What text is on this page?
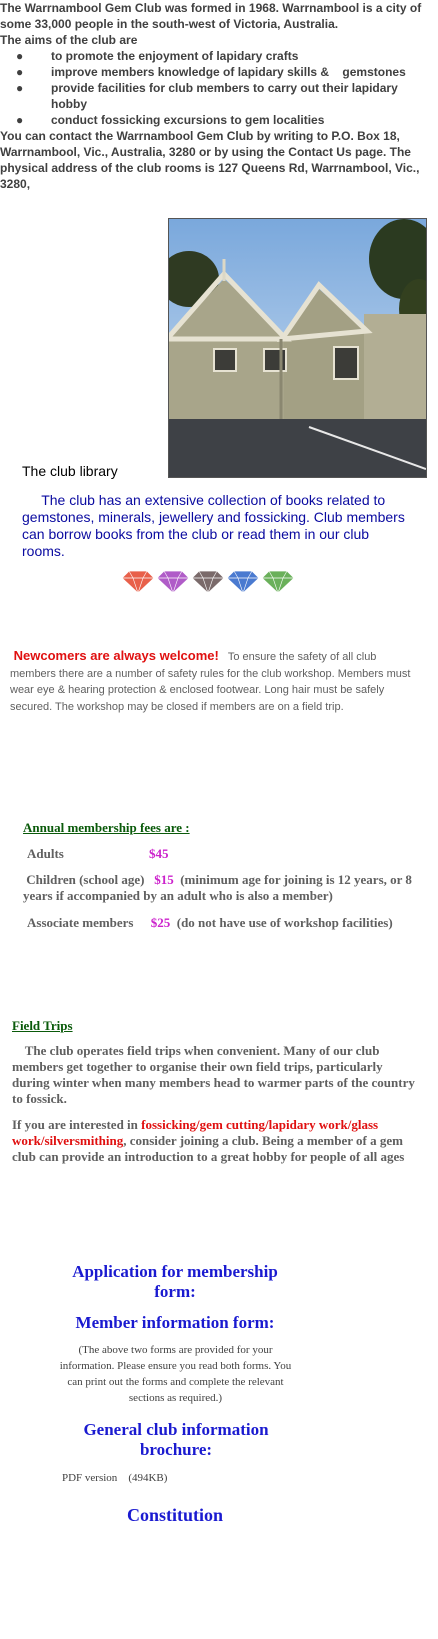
The Warrnambool Gem Club was formed in 1968. Warrnambool is a city of some 33,000 people in the south-west of Victoria, Australia.

The aims of the club are

● to promote the enjoyment of lapidary crafts
● improve members knowledge of lapidary skills &    gemstones
● provide facilities for club members to carry out their lapidary hobby
● conduct fossicking excursions to gem localities

You can contact the Warrnambool Gem Club by writing to P.O. Box 18, Warrnambool, Vic., Australia, 3280 or by using the Contact Us page. The physical address of the club rooms is 127 Queens Rd, Warrnambool, Vic., 3280,

The club library
The club has an extensive collection of books related to gemstones, minerals, jewellery and fossicking. Club members can borrow books from the club or read them in our club rooms.
Newcomers are always welcome! To ensure the safety of all club members there are a number of safety rules for the club workshop. Members must wear eye & hearing protection & enclosed footwear. Long hair must be safely secured. The workshop may be closed if members are on a field trip.
Annual membership fees are :
Adults	$45
Children (school age) $15 (minimum age for joining is 12 years, or 8 years if accompanied by an adult who is also a member)
Associate members $25 (do not have use of workshop facilities)
Field Trips

The club operates field trips when convenient. Many of our club members get together to organise their own field trips, particularly during winter when many members head to warmer parts of the country to fossick.

If you are interested in fossicking/gem cutting/lapidary work/glass work/silversmithing, consider joining a club. Being a member of a gem club can provide an introduction to a great hobby for people of all ages

Application for membership form:
Member information form:
(The above two forms are provided for your information. Please ensure you read both forms. You can print out the forms and complete the relevant sections as required.)
General club information brochure:
PDF version (494KB)
Constitution
